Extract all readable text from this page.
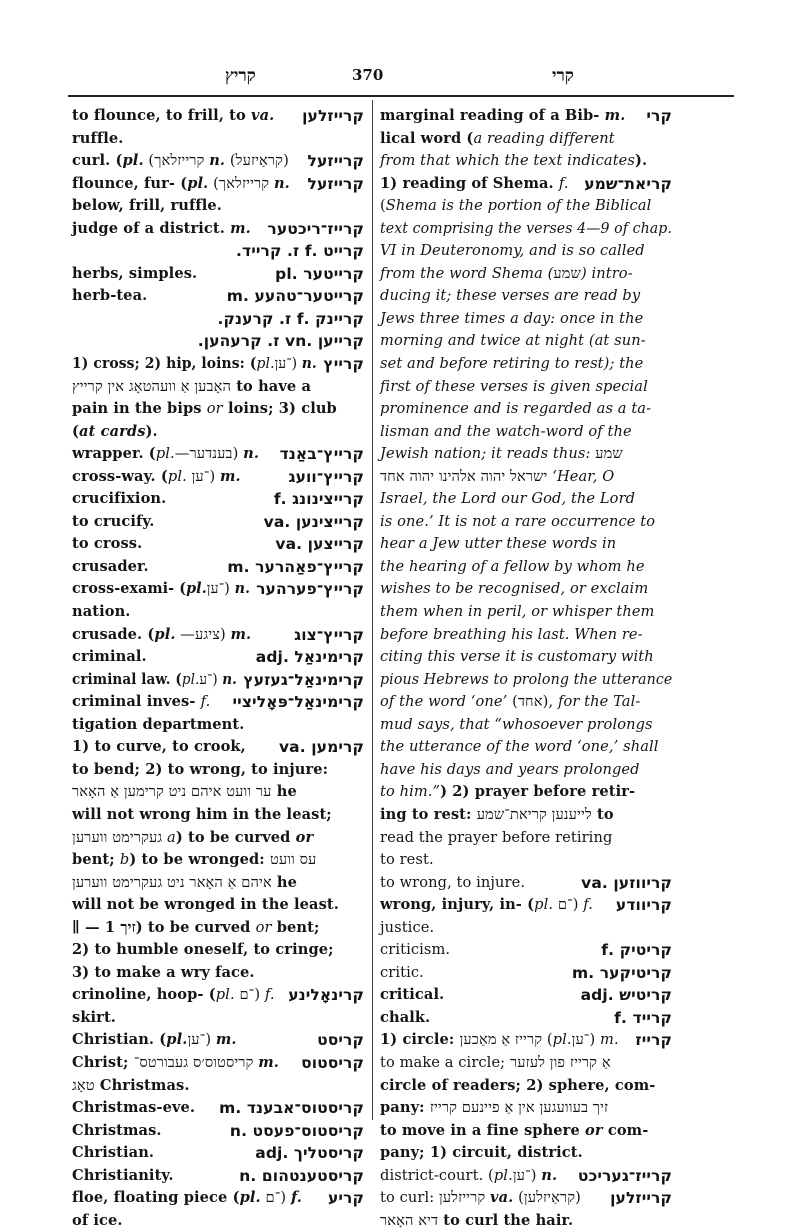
קריץ	370	קרי
to flounce, to frill, to va. קרייזלען
ruffle.
curl. (pl. (קרייזלאך n. (קראַיזעל) קרייזעל
flounce, fur- (pl. (קרייזלאך n. קרייזעל
below, frill, ruffle.
judge of a district. m. קרייז־ריכטער
קרייט .f ז. קרייד.
herbs, simples.	קרייטער .pl
herb-tea.	קרייטער־טהעע .m
קריינק .f ז. קרענק.
קרייען .vn ז. קרעהען.
1) cross; 2) hip, loins: (pl.־ען) n. קרייץ
האָבען אַ וועהטאָג אין קרייץ to have a
pain in the bips or loins; 3) club
(at cards).
wrapper. (pl.—בענדער) n. קרייץ־באַנד
cross-way. (pl. ־ען) m.	קרייץ־וועג
crucifixion.	קרייצינונג .f
to crucify.	קרייצינען .va
to cross.	קרייצען .va
crusader.	קרייץ־פאַהרער .m
cross-exami- (pl.־ען) n. קרייץ־פערהער
nation.
crusade. (pl. —ציגע) m.	קרייץ־צוג
criminal.	קרימינאַל .adj
criminal law. (pl.־ע) n. קרימינאַל־געזעץ
criminal inves- f. קרימינאַל־פּאָליציי
tigation department.
1) to curve, to crook, קרימען .va
to bend; 2) to wrong, to injure:
ער וועט איהם ניט קרימען אַ האָאר he
will not wrong him in the least;
געקרימט ווערען a) to be curved or
bent; b) to be wronged: עס וועט
איהם אַ האָאר ניט געקרימט ווערען he
will not be wronged in the least.
∥ — זיך 1) to be curved or bent;
2) to humble oneself, to cringe;
3) to make a wry face.
crinoline, hoop- (pl. ־ם) f. קרינאָלינע
skirt.
Christian. (pl.־ען) m.	קריסט
Christ; קריסטוס׳ס געבורטס־ m. קריסטוס
טאָג Christmas.
Christmas-eve. קריסטוס־אבענד .m
Christmas.	קריסטוס־פעסט .n
Christian.	קריסטליך .adj
Christianity.	קריסטענטהום .n
floe, floating piece (pl. ־ם) f. קריע
of ice.
marginal reading of a Bib- m. קרי
lical word (a reading different
from that which the text indicates).
1) reading of Shema. f. קריאת־שמע
(Shema is the portion of the Biblical
text comprising the verses 4—9 of chap.
VI in Deuteronomy, and is so called
from the word Shema (שמע) intro-
ducing it; these verses are read by
Jews three times a day: once in the
morning and twice at night (at sun-
set and before retiring to rest); the
first of these verses is given special
prominence and is regarded as a ta-
lisman and the watch-word of the
Jewish nation; it reads thus: שמע
ישראל יהוה אלהינו יהוה אחד ‘Hear, O
Israel, the Lord our God, the Lord
is one.’ It is not a rare occurrence to
hear a Jew utter these words in
the hearing of a fellow by whom he
wishes to be recognised, or exclaim
them when in peril, or whisper them
before breathing his last. When re-
citing this verse it is customary with
pious Hebrews to prolong the utterance
of the word ‘one’ (אחד), for the Tal-
mud says, that “whosoever prolongs
the utterance of the word ‘one,’ shall
have his days and years prolonged
to him.”) 2) prayer before retir-
ing to rest: לייענען קריאת־שמע to
read the prayer before retiring
to rest.
to wrong, to injure.	קריווזען .va
wrong, injury, in- (pl. ־ם) f. קריוודע
justice.
criticism.	קריטיק .f
critic.	קריטיקער .m
critical.	קריטיש .adj
chalk.	קרייד .f
1) circle:	קרייז אַ מאַכען	(pl.־ען) m. קרייז
to make a circle; אַ קרייז פון לעזער
circle of readers; 2) sphere, com-
pany: זיך בעוועגען אין אַ פיינעם קרייז
to move in a fine sphere or com-
pany; 1) circuit, district.
district-court. (pl.־ען) n. קרייז־געריכט
to curl: קרייזלען va. (קראַיזלען) קרייזלען
דיא האָאר to curl the hair.
